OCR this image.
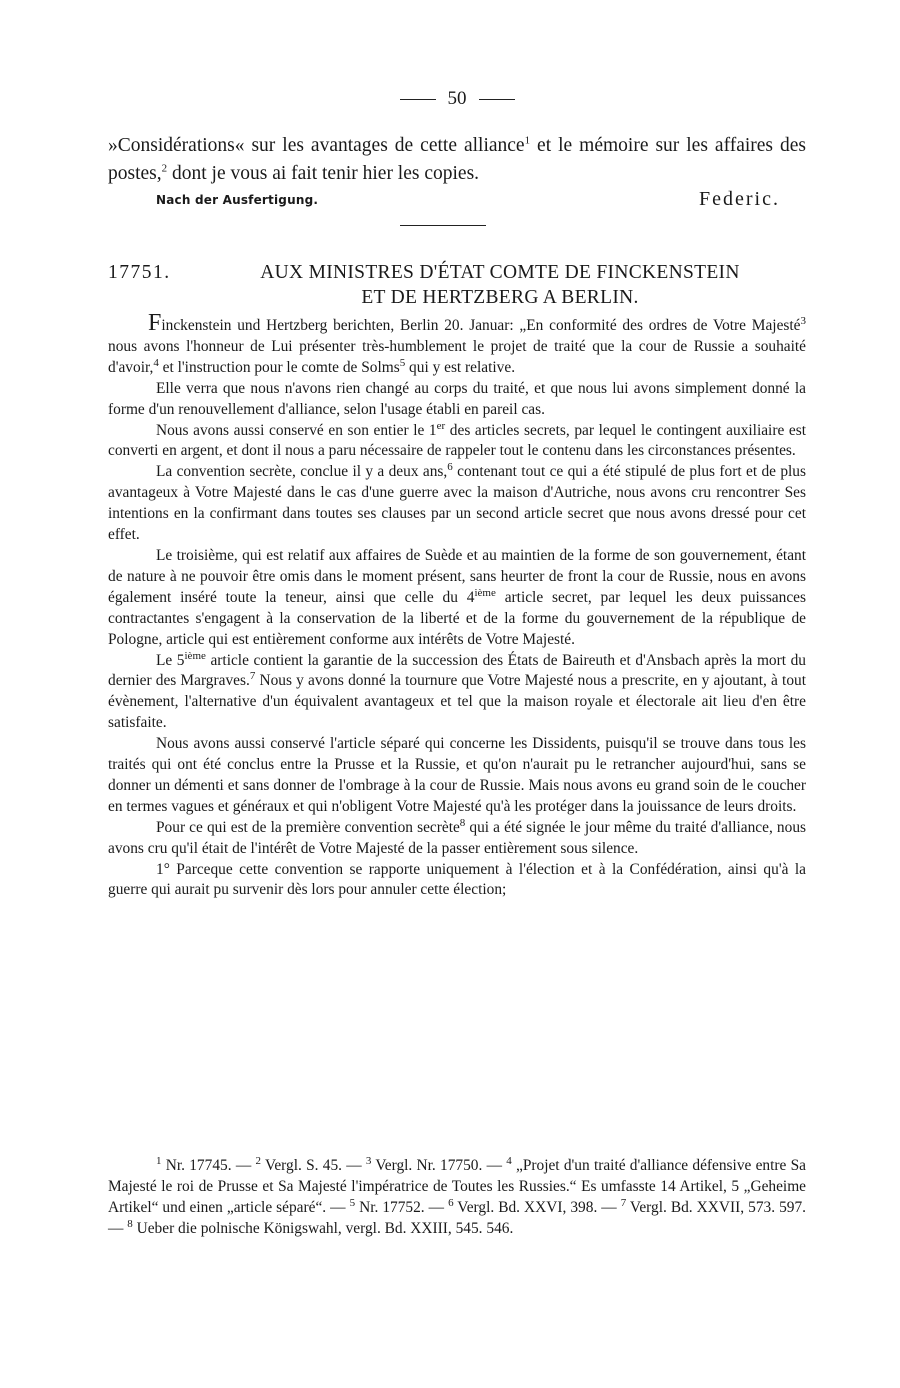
50

»Considérations« sur les avantages de cette alliance$^1$ et le mémoire sur les affaires des postes,$^2$ dont je vous ai fait tenir hier les copies.

Nach der Ausfertigung.	Federic.
17751.	AUX MINISTRES D'ÉTAT COMTE DE FINCKENSTEIN
ET DE HERTZBERG A BERLIN.

Finckenstein und Hertzberg berichten, Berlin 20. Januar: „En conformité des ordres de Votre Majesté$^3$ nous avons l'honneur de Lui présenter très-humblement le projet de traité que la cour de Russie a souhaité d'avoir,$^4$ et l'instruction pour le comte de Solms$^5$ qui y est relative.

Elle verra que nous n'avons rien changé au corps du traité, et que nous lui avons simplement donné la forme d'un renouvellement d'alliance, selon l'usage établi en pareil cas.

Nous avons aussi conservé en son entier le 1er des articles secrets, par lequel le contingent auxiliaire est converti en argent, et dont il nous a paru nécessaire de rappeler tout le contenu dans les circonstances présentes.

La convention secrète, conclue il y a deux ans,$^6$ contenant tout ce qui a été stipulé de plus fort et de plus avantageux à Votre Majesté dans le cas d'une guerre avec la maison d'Autriche, nous avons cru rencontrer Ses intentions en la confirmant dans toutes ses clauses par un second article secret que nous avons dressé pour cet effet.

Le troisième, qui est relatif aux affaires de Suède et au maintien de la forme de son gouvernement, étant de nature à ne pouvoir être omis dans le moment présent, sans heurter de front la cour de Russie, nous en avons également inséré toute la teneur, ainsi que celle du 4ième article secret, par lequel les deux puissances contractantes s'engagent à la conservation de la liberté et de la forme du gouvernement de la république de Pologne, article qui est entièrement conforme aux intérêts de Votre Majesté.

Le 5ième article contient la garantie de la succession des États de Baireuth et d'Ansbach après la mort du dernier des Margraves.$^7$ Nous y avons donné la tournure que Votre Majesté nous a prescrite, en y ajoutant, à tout évènement, l'alternative d'un équivalent avantageux et tel que la maison royale et électorale ait lieu d'en être satisfaite.

Nous avons aussi conservé l'article séparé qui concerne les Dissidents, puisqu'il se trouve dans tous les traités qui ont été conclus entre la Prusse et la Russie, et qu'on n'aurait pu le retrancher aujourd'hui, sans se donner un démenti et sans donner de l'ombrage à la cour de Russie. Mais nous avons eu grand soin de le coucher en termes vagues et généraux et qui n'obligent Votre Majesté qu'à les protéger dans la jouissance de leurs droits.

Pour ce qui est de la première convention secrète$^8$ qui a été signée le jour même du traité d'alliance, nous avons cru qu'il était de l'intérêt de Votre Majesté de la passer entièrement sous silence.

1° Parceque cette convention se rapporte uniquement à l'élection et à la Confédération, ainsi qu'à la guerre qui aurait pu survenir dès lors pour annuler cette élection;

$^1$ Nr. 17745. — $^2$ Vergl. S. 45. — $^3$ Vergl. Nr. 17750. — $^4$ „Projet d'un traité d'alliance défensive entre Sa Majesté le roi de Prusse et Sa Majesté l'impératrice de Toutes les Russies.“ Es umfasste 14 Artikel, 5 „Geheime Artikel“ und einen „article séparé“. — $^5$ Nr. 17752. — $^6$ Vergl. Bd. XXVI, 398. — $^7$ Vergl. Bd. XXVII, 573. 597. — $^8$ Ueber die polnische Königswahl, vergl. Bd. XXIII, 545. 546.
